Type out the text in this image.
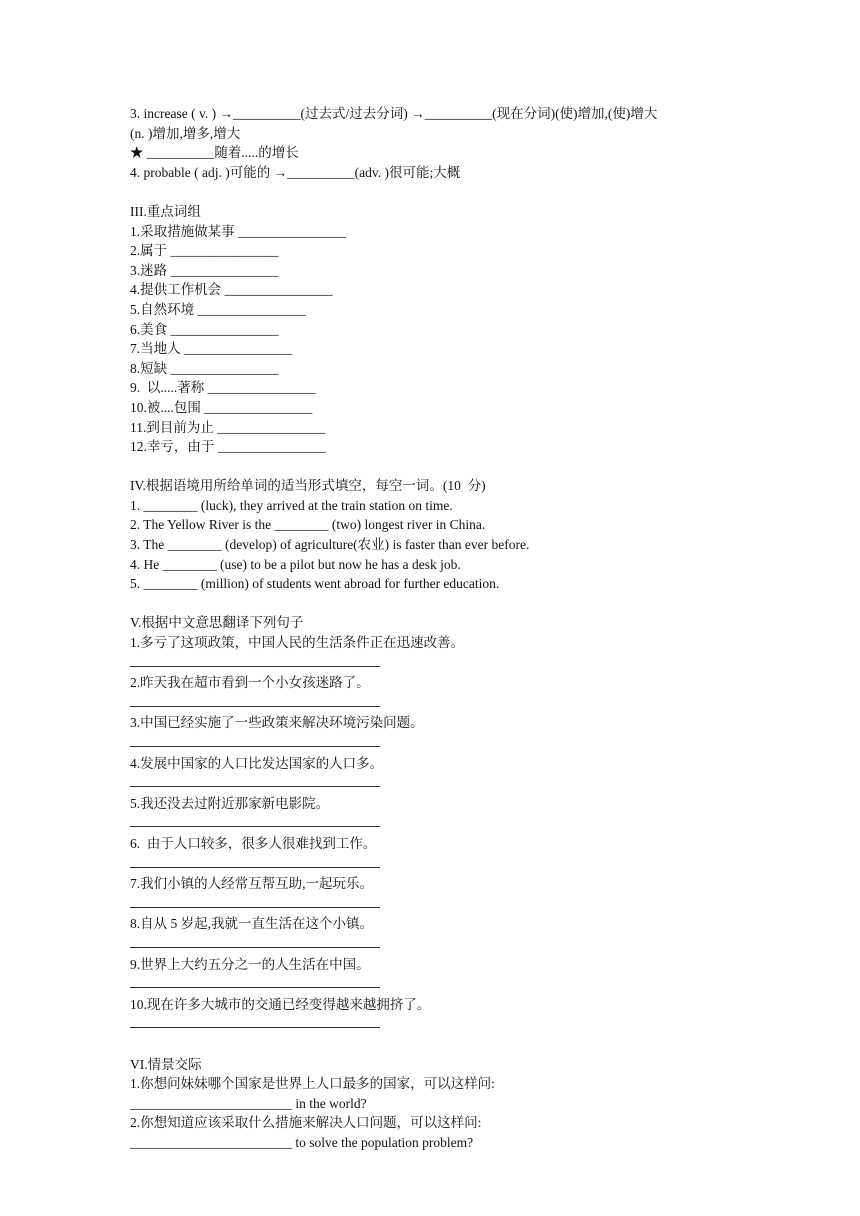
3. increase ( v. ) →__________(过去式/过去分词) →__________(现在分词)(使)增加,(使)增大
(n. )增加,增多,增大
★ __________随着.....的增长
4. probable ( adj. )可能的 →__________(adv. )很可能;大概
III.重点词组
1.采取措施做某事 ________________
2.属于 ________________
3.迷路 ________________
4.提供工作机会 ________________
5.自然环境 ________________
6.美食 ________________
7.当地人 ________________
8.短缺 ________________
9.  以.....著称 ________________
10.被....包围 ________________
11.到目前为止 ________________
12.幸亏，由于 ________________
IV.根据语境用所给单词的适当形式填空，每空一词。(10  分)
1. ________ (luck), they arrived at the train station on time.
2. The Yellow River is the ________ (two) longest river in China.
3. The ________ (develop) of agriculture(农业) is faster than ever before.
4. He ________ (use) to be a pilot but now he has a desk job.
5. ________ (million) of students went abroad for further education.
V.根据中文意思翻译下列句子
1.多亏了这项政策，中国人民的生活条件正在迅速改善。
2.昨天我在超市看到一个小女孩迷路了。
3.中国已经实施了一些政策来解决环境污染问题。
4.发展中国家的人口比发达国家的人口多。
5.我还没去过附近那家新电影院。
6.  由于人口较多，很多人很难找到工作。
7.我们小镇的人经常互帮互助,一起玩乐。
8.自从 5 岁起,我就一直生活在这个小镇。
9.世界上大约五分之一的人生活在中国。
10.现在许多大城市的交通已经变得越来越拥挤了。
VI.情景交际
1.你想问妹妹哪个国家是世界上人口最多的国家，可以这样问:
________________________ in the world?
2.你想知道应该采取什么措施来解决人口问题，可以这样问:
________________________ to solve the population problem?
